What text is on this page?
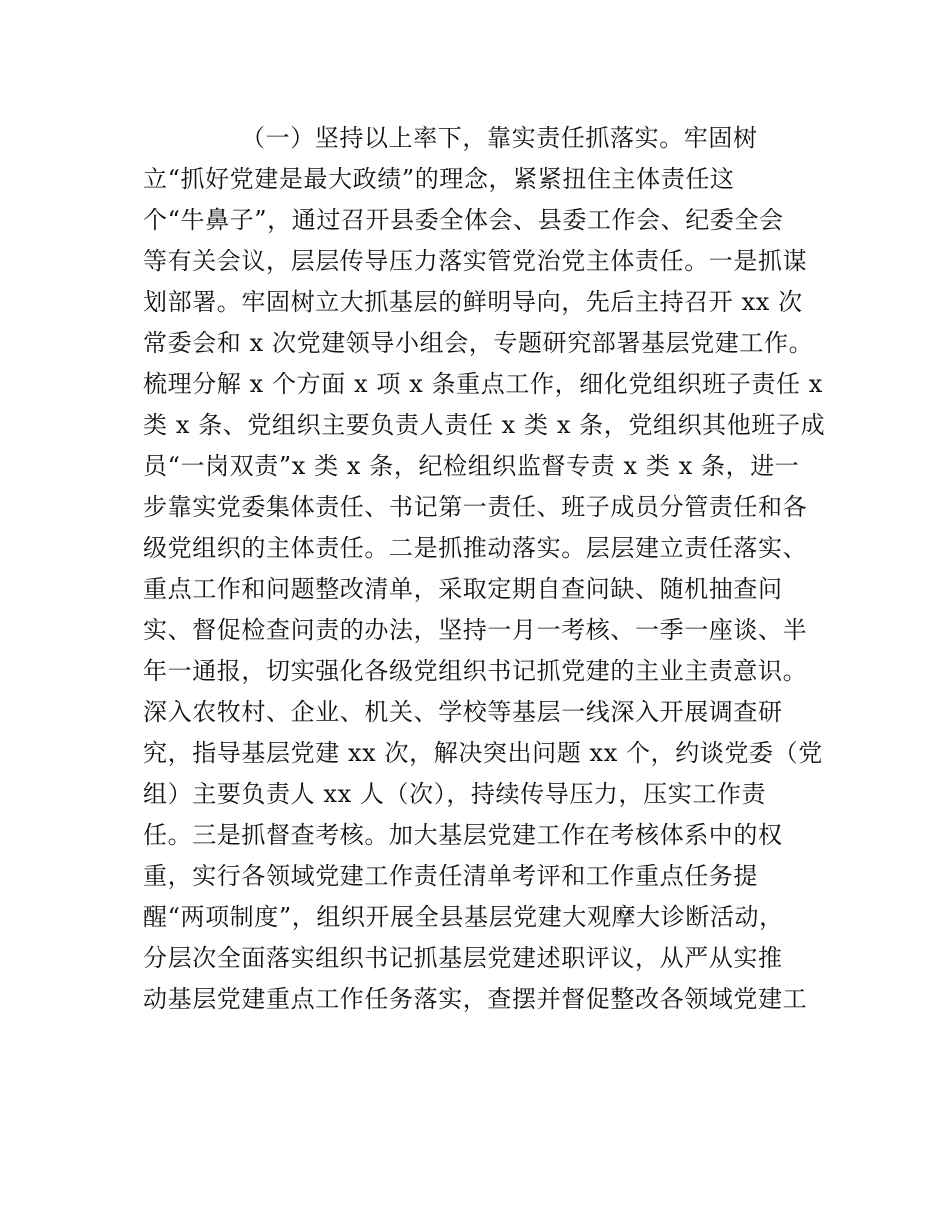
（一）坚持以上率下，靠实责任抓落实。牢固树
立“抓好党建是最大政绩”的理念，紧紧扭住主体责任这
个“牛鼻子”，通过召开县委全体会、县委工作会、纪委全会
等有关会议，层层传导压力落实管党治党主体责任。一是抓谋
划部署。牢固树立大抓基层的鲜明导向，先后主持召开 xx 次
常委会和 x 次党建领导小组会，专题研究部署基层党建工作。
梳理分解 x 个方面 x 项 x 条重点工作，细化党组织班子责任 x
类 x 条、党组织主要负责人责任 x 类 x 条，党组织其他班子成
员“一岗双责”x 类 x 条，纪检组织监督专责 x 类 x 条，进一
步靠实党委集体责任、书记第一责任、班子成员分管责任和各
级党组织的主体责任。二是抓推动落实。层层建立责任落实、
重点工作和问题整改清单，采取定期自查问缺、随机抽查问
实、督促检查问责的办法，坚持一月一考核、一季一座谈、半
年一通报，切实强化各级党组织书记抓党建的主业主责意识。
深入农牧村、企业、机关、学校等基层一线深入开展调查研
究，指导基层党建 xx 次，解决突出问题 xx 个，约谈党委（党
组）主要负责人 xx 人（次），持续传导压力，压实工作责
任。三是抓督查考核。加大基层党建工作在考核体系中的权
重，实行各领域党建工作责任清单考评和工作重点任务提
醒“两项制度”，组织开展全县基层党建大观摩大诊断活动，
分层次全面落实组织书记抓基层党建述职评议，从严从实推
动基层党建重点工作任务落实，查摆并督促整改各领域党建工
